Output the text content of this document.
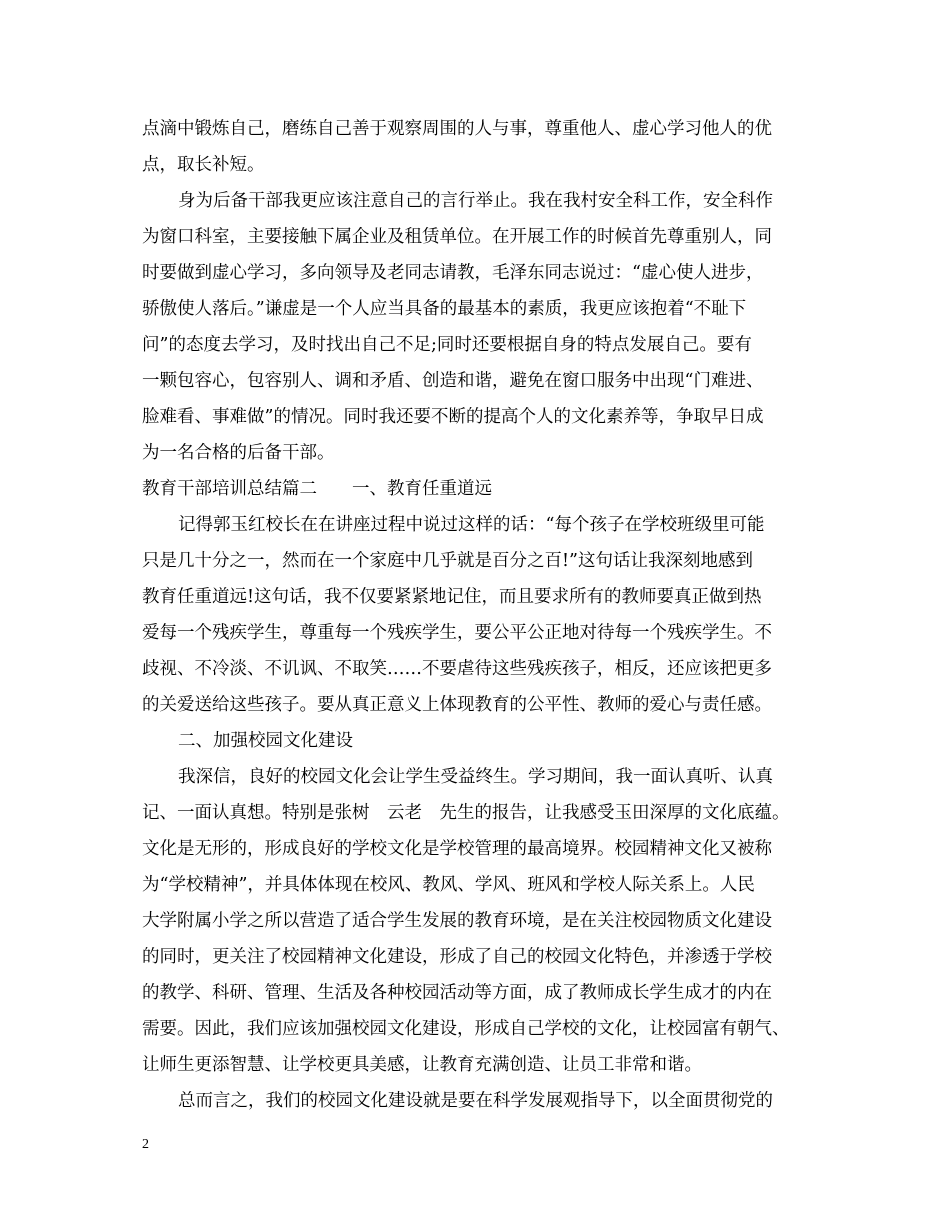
点滴中锻炼自己，磨练自己善于观察周围的人与事，尊重他人、虚心学习他人的优
点，取长补短。
身为后备干部我更应该注意自己的言行举止。我在我村安全科工作，安全科作
为窗口科室，主要接触下属企业及租赁单位。在开展工作的时候首先尊重别人，同
时要做到虚心学习，多向领导及老同志请教，毛泽东同志说过：“虚心使人进步，
骄傲使人落后。”谦虚是一个人应当具备的最基本的素质，我更应该抱着“不耻下
问”的态度去学习，及时找出自己不足;同时还要根据自身的特点发展自己。要有
一颗包容心，包容别人、调和矛盾、创造和谐，避免在窗口服务中出现“门难进、
脸难看、事难做”的情况。同时我还要不断的提高个人的文化素养等，争取早日成
为一名合格的后备干部。
教育干部培训总结篇二　　一、教育任重道远
记得郭玉红校长在在讲座过程中说过这样的话：“每个孩子在学校班级里可能
只是几十分之一，然而在一个家庭中几乎就是百分之百!”这句话让我深刻地感到
教育任重道远!这句话，我不仅要紧紧地记住，而且要求所有的教师要真正做到热
爱每一个残疾学生，尊重每一个残疾学生，要公平公正地对待每一个残疾学生。不
歧视、不冷淡、不讥讽、不取笑……不要虐待这些残疾孩子，相反，还应该把更多
的关爱送给这些孩子。要从真正意义上体现教育的公平性、教师的爱心与责任感。
二、加强校园文化建设
我深信，良好的校园文化会让学生受益终生。学习期间，我一面认真听、认真
记、一面认真想。特别是张树　云老　先生的报告，让我感受玉田深厚的文化底蕴。
文化是无形的，形成良好的学校文化是学校管理的最高境界。校园精神文化又被称
为“学校精神”，并具体体现在校风、教风、学风、班风和学校人际关系上。人民
大学附属小学之所以营造了适合学生发展的教育环境，是在关注校园物质文化建设
的同时，更关注了校园精神文化建设，形成了自己的校园文化特色，并渗透于学校
的教学、科研、管理、生活及各种校园活动等方面，成了教师成长学生成才的内在
需要。因此，我们应该加强校园文化建设，形成自己学校的文化，让校园富有朝气、
让师生更添智慧、让学校更具美感，让教育充满创造、让员工非常和谐。
总而言之，我们的校园文化建设就是要在科学发展观指导下，以全面贯彻党的
2
